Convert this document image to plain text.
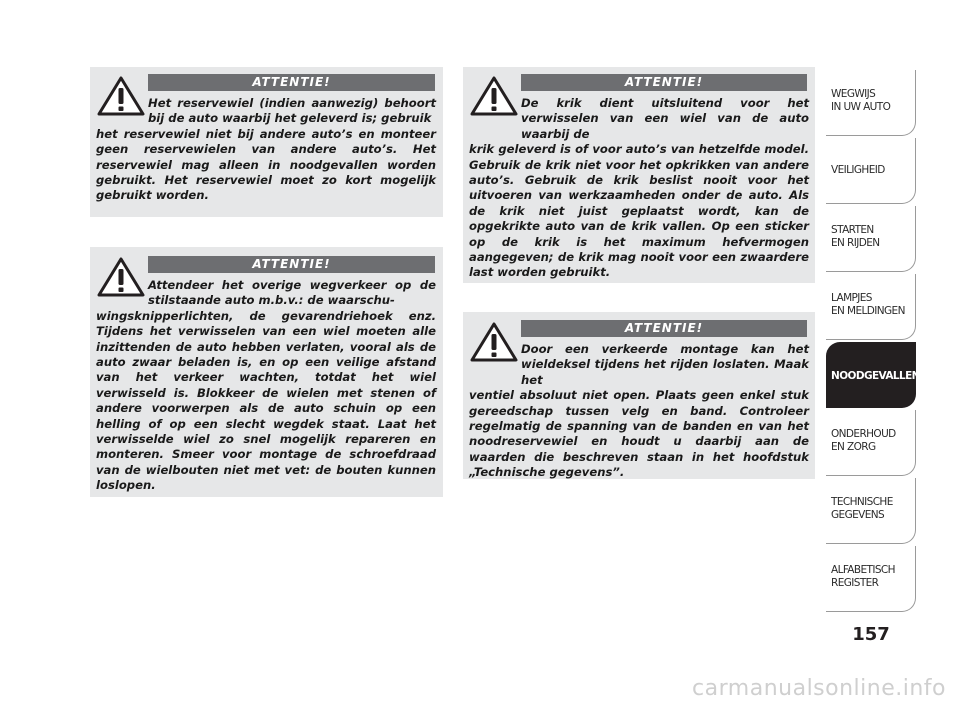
ATTENTIE!
Het reservewiel (indien aanwezig) behoort bij de auto waarbij het geleverd is; gebruik
het reservewiel niet bij andere auto’s en monteer geen reservewielen van andere auto’s. Het reservewiel mag alleen in noodgevallen worden gebruikt. Het reservewiel moet zo kort mogelijk gebruikt worden.
ATTENTIE!
Attendeer het overige wegverkeer op de stilstaande auto m.b.v.: de waarschu-
wingsknipperlichten, de gevarendriehoek enz. Tijdens het verwisselen van een wiel moeten alle inzittenden de auto hebben verlaten, vooral als de auto zwaar beladen is, en op een veilige afstand van het verkeer wachten, totdat het wiel verwisseld is. Blokkeer de wielen met stenen of andere voorwerpen als de auto schuin op een helling of op een slecht wegdek staat. Laat het verwisselde wiel zo snel mogelijk repareren en monteren. Smeer voor montage de schroefdraad van de wielbouten niet met vet: de bouten kunnen loslopen.
ATTENTIE!
De krik dient uitsluitend voor het verwisselen van een wiel van de auto waarbij de
krik geleverd is of voor auto’s van hetzelfde model. Gebruik de krik niet voor het opkrikken van andere auto’s. Gebruik de krik beslist nooit voor het uitvoeren van werkzaamheden onder de auto. Als de krik niet juist geplaatst wordt, kan de opgekrikte auto van de krik vallen. Op een sticker op de krik is het maximum hefvermogen aangegeven; de krik mag nooit voor een zwaardere last worden gebruikt.
ATTENTIE!
Door een verkeerde montage kan het wieldeksel tijdens het rijden loslaten. Maak het
ventiel absoluut niet open. Plaats geen enkel stuk gereedschap tussen velg en band. Controleer regelmatig de spanning van de banden en van het noodreservewiel en houdt u daarbij aan de waarden die beschreven staan in het hoofdstuk „Technische gegevens”.
WEGWIJS
IN UW AUTO
VEILIGHEID
STARTEN
EN RIJDEN
LAMPJES
EN MELDINGEN
NOODGEVALLEN
ONDERHOUD
EN ZORG
TECHNISCHE
GEGEVENS
ALFABETISCH
REGISTER
157
carmanualsonline.info
